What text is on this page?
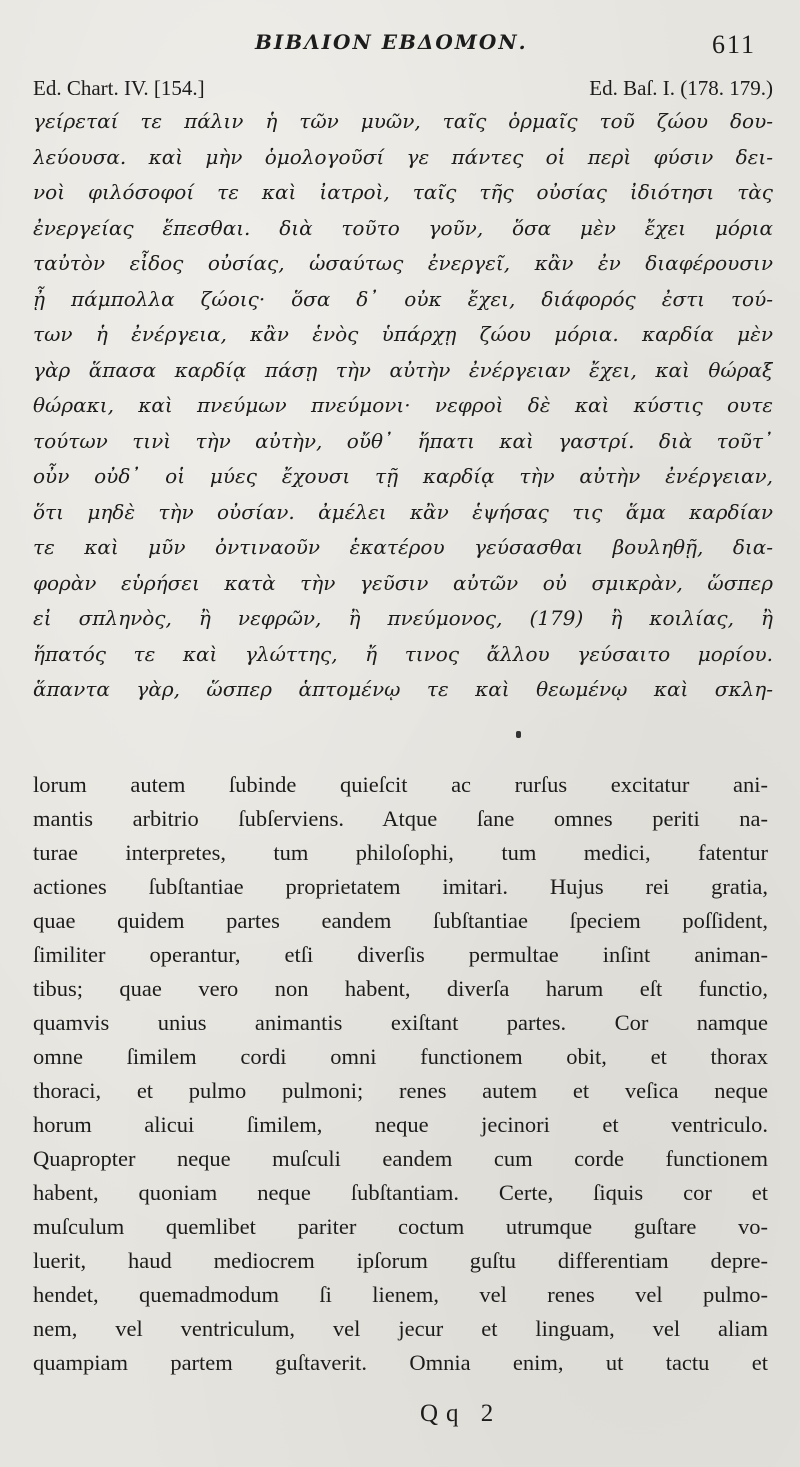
ΒΙΒΛΙΟΝ ΕΒΔΟΜΟΝ.	611
Ed. Chart. IV. [154.]	Ed. Baſ. I. (178. 179.)
γείρεταί τε πάλιν ἡ τῶν μυῶν, ταῖς ὁρμαῖς τοῦ ζώου δου-
λεύουσα. καὶ μὴν ὁμολογοῦσί γε πάντες οἱ περὶ φύσιν δει-
νοὶ φιλόσοφοί τε καὶ ἰατροὶ, ταῖς τῆς οὐσίας ἰδιότησι τὰς
ἐνεργείας ἕπεσθαι. διὰ τοῦτο γοῦν, ὅσα μὲν ἔχει μόρια
ταὐτὸν εἶδος οὐσίας, ὡσαύτως ἐνεργεῖ, κἂν ἐν διαφέρουσιν
ᾖ πάμπολλα ζώοις· ὅσα δ᾽ οὐκ ἔχει, διάφορός ἐστι τού-
των ἡ ἐνέργεια, κἂν ἑνὸς ὑπάρχῃ ζώου μόρια. καρδία μὲν
γὰρ ἅπασα καρδίᾳ πάσῃ τὴν αὐτὴν ἐνέργειαν ἔχει, καὶ θώραξ
θώρακι, καὶ πνεύμων πνεύμονι· νεφροὶ δὲ καὶ κύστις ουτε
τούτων τινὶ τὴν αὐτὴν, οὔθ᾽ ἥπατι καὶ γαστρί. διὰ τοῦτ᾽
οὖν οὐδ᾽ οἱ μύες ἔχουσι τῇ καρδίᾳ τὴν αὐτὴν ἐνέργειαν,
ὅτι μηδὲ τὴν οὐσίαν. ἀμέλει κἂν ἑψήσας τις ἅμα καρδίαν
τε καὶ μῦν ὀντιναοῦν ἑκατέρου γεύσασθαι βουληθῇ, δια-
φορὰν εὑρήσει κατὰ τὴν γεῦσιν αὐτῶν οὐ σμικρὰν, ὥσπερ
εἰ σπληνὸς, ἢ νεφρῶν, ἢ πνεύμονος, (179) ἢ κοιλίας, ἢ
ἥπατός τε καὶ γλώττης, ἤ τινος ἄλλου γεύσαιτο μορίου.
ἅπαντα γὰρ, ὥσπερ ἁπτομένῳ τε καὶ θεωμένῳ καὶ σκλη-
lorum autem ſubinde quieſcit ac rurſus excitatur ani-
mantis arbitrio ſubſerviens. Atque ſane omnes periti na-
turae interpretes, tum philoſophi, tum medici, fatentur
actiones ſubſtantiae proprietatem imitari. Hujus rei gratia,
quae quidem partes eandem ſubſtantiae ſpeciem poſſident,
ſimiliter operantur, etſi diverſis permultae inſint animan-
tibus; quae vero non habent, diverſa harum eſt functio,
quamvis unius animantis exiſtant partes. Cor namque
omne ſimilem cordi omni functionem obit, et thorax
thoraci, et pulmo pulmoni; renes autem et veſica neque
horum alicui ſimilem, neque jecinori et ventriculo.
Quapropter neque muſculi eandem cum corde functionem
habent, quoniam neque ſubſtantiam. Certe, ſiquis cor et
muſculum quemlibet pariter coctum utrumque guſtare vo-
luerit, haud mediocrem ipſorum guſtu differentiam depre-
hendet, quemadmodum ſi lienem, vel renes vel pulmo-
nem, vel ventriculum, vel jecur et linguam, vel aliam
quampiam partem guſtaverit. Omnia enim, ut tactu et
Qq 2
